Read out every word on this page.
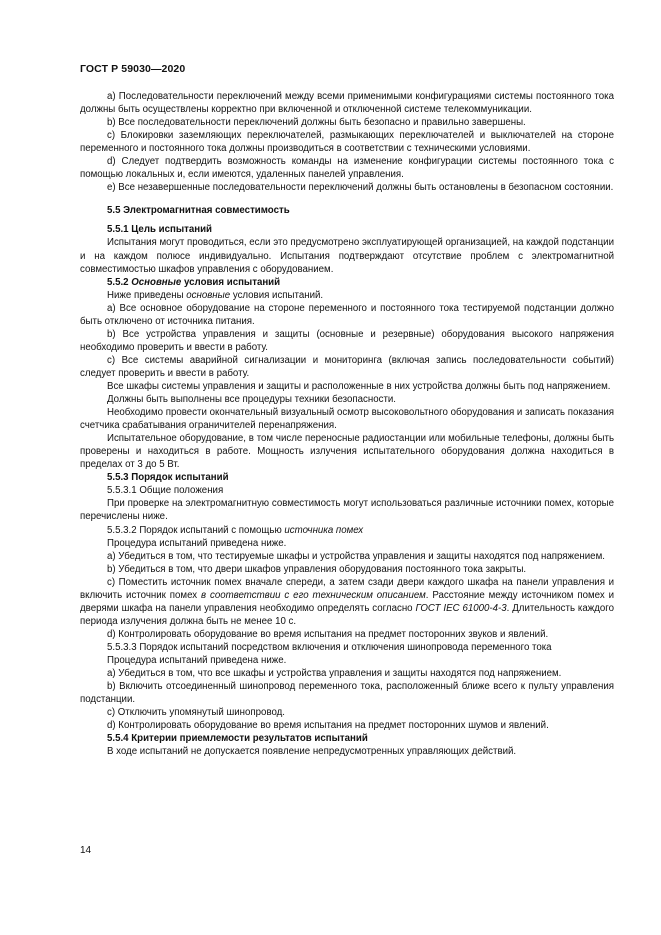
ГОСТ Р 59030—2020

a) Последовательности переключений между всеми применимыми конфигурациями системы постоянного тока должны быть осуществлены корректно при включенной и отключенной системе телекоммуникации.

b) Все последовательности переключений должны быть безопасно и правильно завершены.

c) Блокировки заземляющих переключателей, размыкающих переключателей и выключателей на стороне переменного и постоянного тока должны производиться в соответствии с техническими условиями.

d) Следует подтвердить возможность команды на изменение конфигурации системы постоянного тока с помощью локальных и, если имеются, удаленных панелей управления.

e) Все незавершенные последовательности переключений должны быть остановлены в безопасном состоянии.

5.5 Электромагнитная совместимость

5.5.1 Цель испытаний

Испытания могут проводиться, если это предусмотрено эксплуатирующей организацией, на каждой подстанции и на каждом полюсе индивидуально. Испытания подтверждают отсутствие проблем с электромагнитной совместимостью шкафов управления с оборудованием.

5.5.2 Основные условия испытаний

Ниже приведены основные условия испытаний.

a) Все основное оборудование на стороне переменного и постоянного тока тестируемой подстанции должно быть отключено от источника питания.

b) Все устройства управления и защиты (основные и резервные) оборудования высокого напряжения необходимо проверить и ввести в работу.

c) Все системы аварийной сигнализации и мониторинга (включая запись последовательности событий) следует проверить и ввести в работу.

Все шкафы системы управления и защиты и расположенные в них устройства должны быть под напряжением.

Должны быть выполнены все процедуры техники безопасности.

Необходимо провести окончательный визуальный осмотр высоковольтного оборудования и записать показания счетчика срабатывания ограничителей перенапряжения.

Испытательное оборудование, в том числе переносные радиостанции или мобильные телефоны, должны быть проверены и находиться в работе. Мощность излучения испытательного оборудования должна находиться в пределах от 3 до 5 Вт.

5.5.3 Порядок испытаний

5.5.3.1 Общие положения

При проверке на электромагнитную совместимость могут использоваться различные источники помех, которые перечислены ниже.

5.5.3.2 Порядок испытаний с помощью источника помех

Процедура испытаний приведена ниже.

a) Убедиться в том, что тестируемые шкафы и устройства управления и защиты находятся под напряжением.

b) Убедиться в том, что двери шкафов управления оборудования постоянного тока закрыты.

c) Поместить источник помех вначале спереди, а затем сзади двери каждого шкафа на панели управления и включить источник помех в соответствии с его техническим описанием. Расстояние между источником помех и дверями шкафа на панели управления необходимо определять согласно ГОСТ IEC 61000-4-3. Длительность каждого периода излучения должна быть не менее 10 с.

d) Контролировать оборудование во время испытания на предмет посторонних звуков и явлений.

5.5.3.3 Порядок испытаний посредством включения и отключения шинопровода переменного тока

Процедура испытаний приведена ниже.

a) Убедиться в том, что все шкафы и устройства управления и защиты находятся под напряжением.

b) Включить отсоединенный шинопровод переменного тока, расположенный ближе всего к пульту управления подстанции.

c) Отключить упомянутый шинопровод.

d) Контролировать оборудование во время испытания на предмет посторонних шумов и явлений.

5.5.4 Критерии приемлемости результатов испытаний

В ходе испытаний не допускается появление непредусмотренных управляющих действий.

14
